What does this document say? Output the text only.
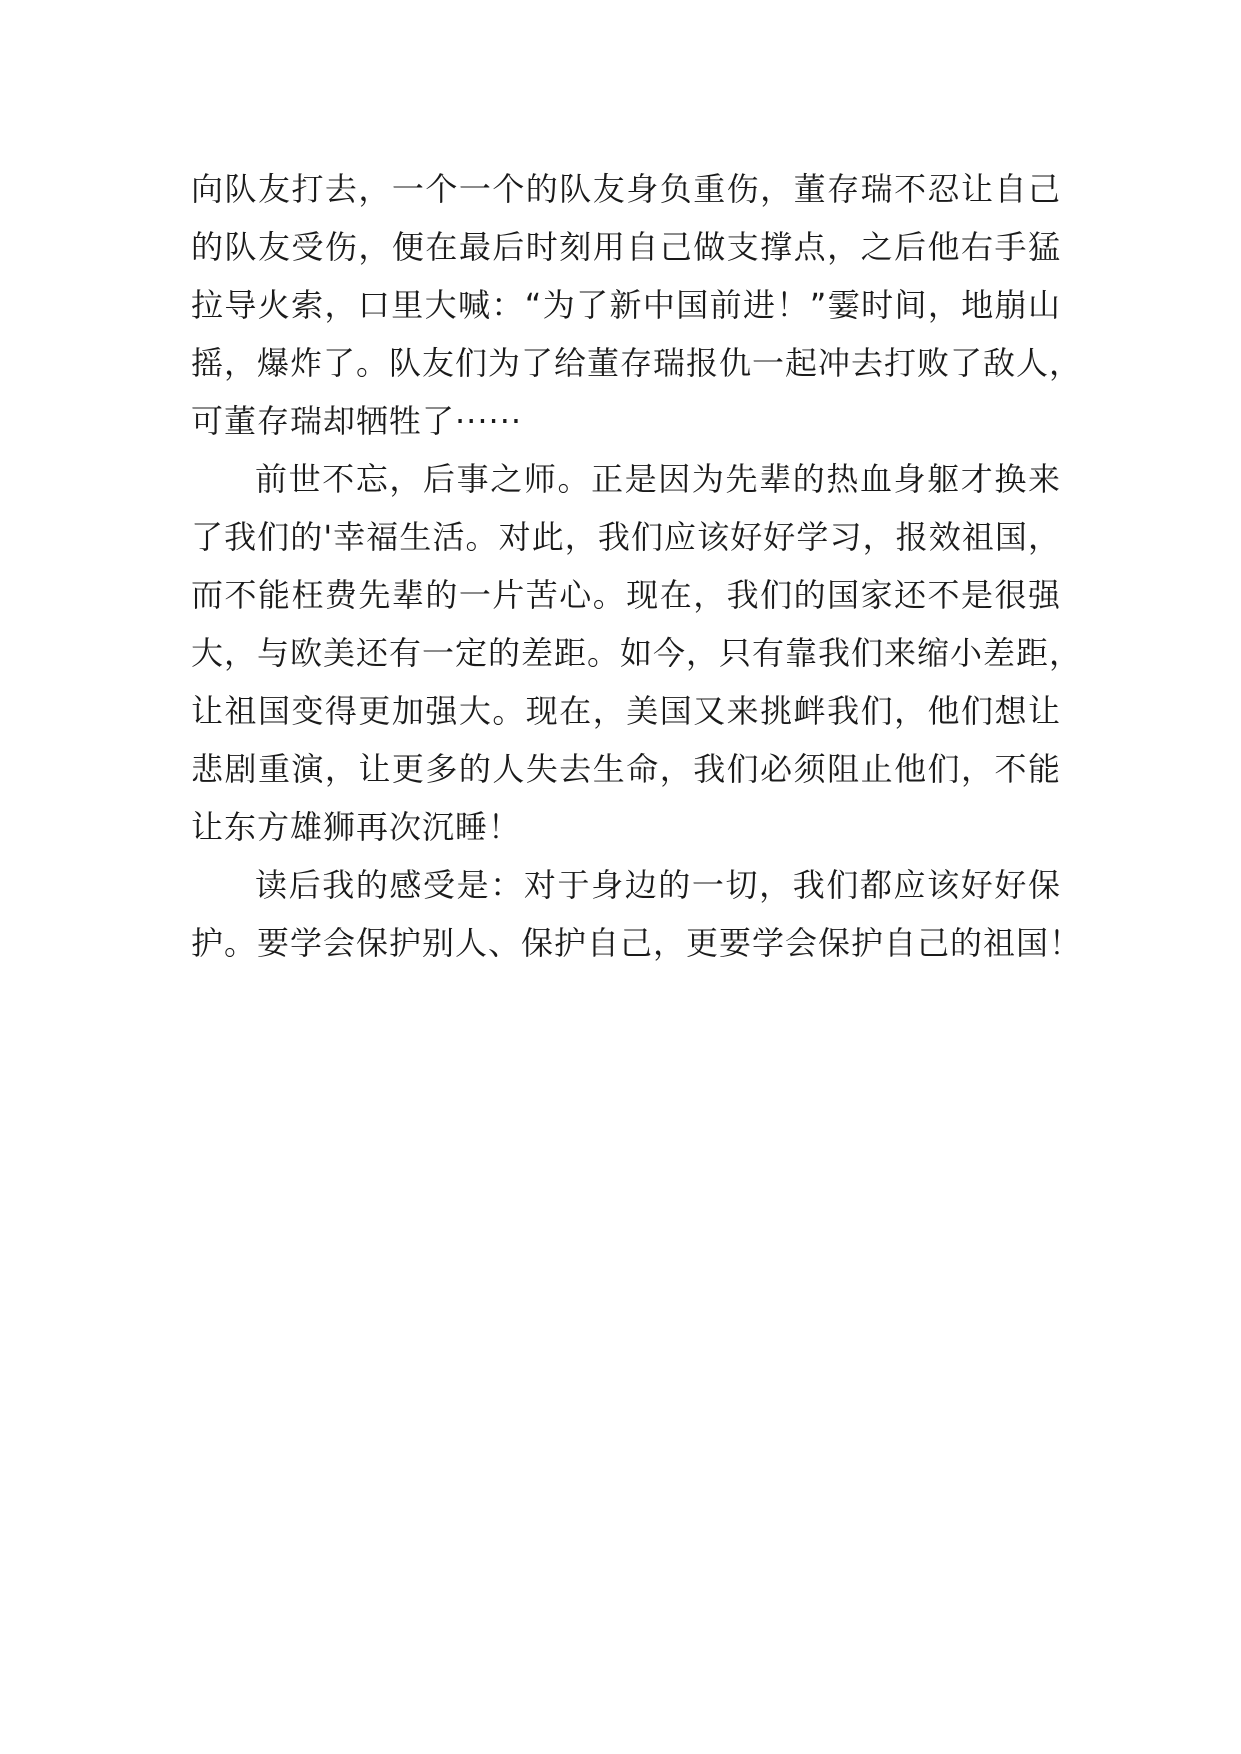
向队友打去，一个一个的队友身负重伤，董存瑞不忍让自己
的队友受伤，便在最后时刻用自己做支撑点，之后他右手猛
拉导火索，口里大喊：“为了新中国前进！”霎时间，地崩山
摇，爆炸了。队友们为了给董存瑞报仇一起冲去打败了敌人，
可董存瑞却牺牲了······
前世不忘，后事之师。正是因为先辈的热血身躯才换来
了我们的'幸福生活。对此，我们应该好好学习，报效祖国，
而不能枉费先辈的一片苦心。现在，我们的国家还不是很强
大，与欧美还有一定的差距。如今，只有靠我们来缩小差距，
让祖国变得更加强大。现在，美国又来挑衅我们，他们想让
悲剧重演，让更多的人失去生命，我们必须阻止他们，不能
让东方雄狮再次沉睡！
读后我的感受是：对于身边的一切，我们都应该好好保
护。要学会保护别人、保护自己，更要学会保护自己的祖国！
